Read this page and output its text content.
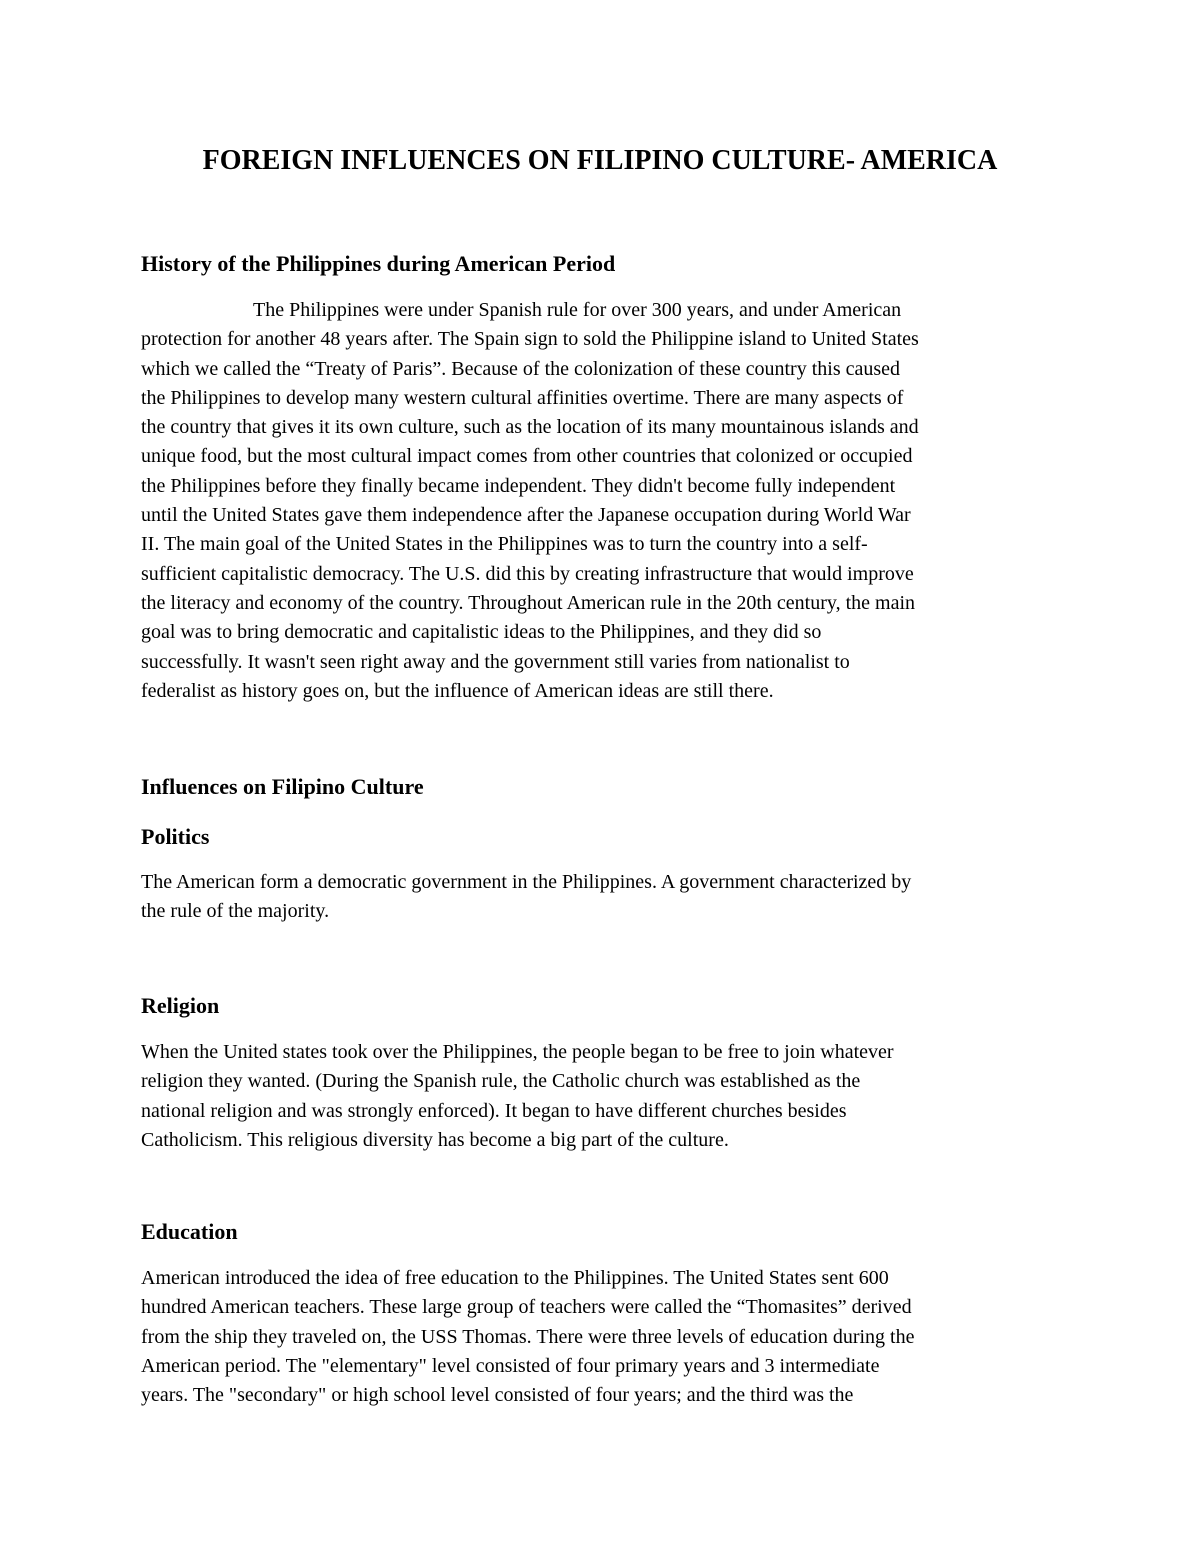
FOREIGN INFLUENCES ON FILIPINO CULTURE- AMERICA
History of the Philippines during American Period
The Philippines were under Spanish rule for over 300 years, and under American
protection for another 48 years after. The Spain sign to sold the Philippine island to United States
which we called the “Treaty of Paris”. Because of the colonization of these country this caused
the Philippines to develop many western cultural affinities overtime. There are many aspects of
the country that gives it its own culture, such as the location of its many mountainous islands and
unique food, but the most cultural impact comes from other countries that colonized or occupied
the Philippines before they finally became independent. They didn't become fully independent
until the United States gave them independence after the Japanese occupation during World War
II. The main goal of the United States in the Philippines was to turn the country into a self-
sufficient capitalistic democracy. The U.S. did this by creating infrastructure that would improve
the literacy and economy of the country. Throughout American rule in the 20th century, the main
goal was to bring democratic and capitalistic ideas to the Philippines, and they did so
successfully. It wasn't seen right away and the government still varies from nationalist to
federalist as history goes on, but the influence of American ideas are still there.
Influences on Filipino Culture
Politics
The American form a democratic government in the Philippines. A government characterized by
the rule of the majority.
Religion
When the United states took over the Philippines, the people began to be free to join whatever
religion they wanted. (During the Spanish rule, the Catholic church was established as the
national religion and was strongly enforced). It began to have different churches besides
Catholicism. This religious diversity has become a big part of the culture.
Education
American introduced the idea of free education to the Philippines. The United States sent 600
hundred American teachers. These large group of teachers were called the “Thomasites” derived
from the ship they traveled on, the USS Thomas. There were three levels of education during the
American period. The "elementary" level consisted of four primary years and 3 intermediate
years. The "secondary" or high school level consisted of four years; and the third was the
